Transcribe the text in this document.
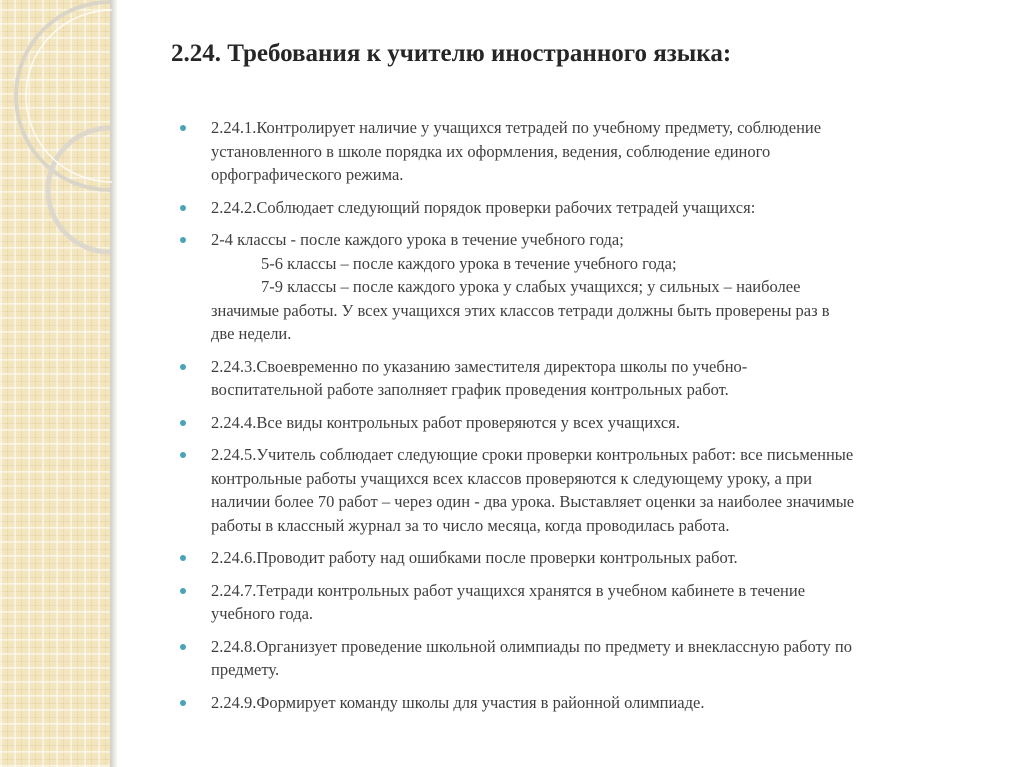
2.24. Требования к учителю иностранного языка:
2.24.1.Контролирует наличие у учащихся тетрадей по учебному предмету, соблюдение
установленного в школе порядка их оформления, ведения, соблюдение единого
орфографического режима.
2.24.2.Соблюдает следующий порядок проверки рабочих тетрадей учащихся:
2-4 классы - после каждого урока в течение учебного года;
5-6 классы – после каждого урока в течение учебного года;
7-9 классы – после каждого урока у слабых учащихся; у сильных – наиболее
значимые работы. У всех учащихся этих классов тетради должны быть проверены раз в
две недели.
2.24.3.Своевременно по указанию заместителя директора школы по учебно-
воспитательной работе заполняет график проведения контрольных работ.
2.24.4.Все виды контрольных работ проверяются у всех учащихся.
2.24.5.Учитель соблюдает следующие сроки проверки контрольных работ: все письменные
контрольные работы учащихся всех классов проверяются к следующему уроку, а при
наличии более 70 работ – через один - два урока. Выставляет оценки за наиболее значимые
работы в классный журнал за то число месяца, когда проводилась работа.
2.24.6.Проводит работу над ошибками после проверки контрольных работ.
2.24.7.Тетради контрольных работ учащихся хранятся в учебном кабинете в течение
учебного года.
2.24.8.Организует проведение школьной олимпиады по предмету и внеклассную работу по
предмету.
2.24.9.Формирует команду школы для участия в районной олимпиаде.
